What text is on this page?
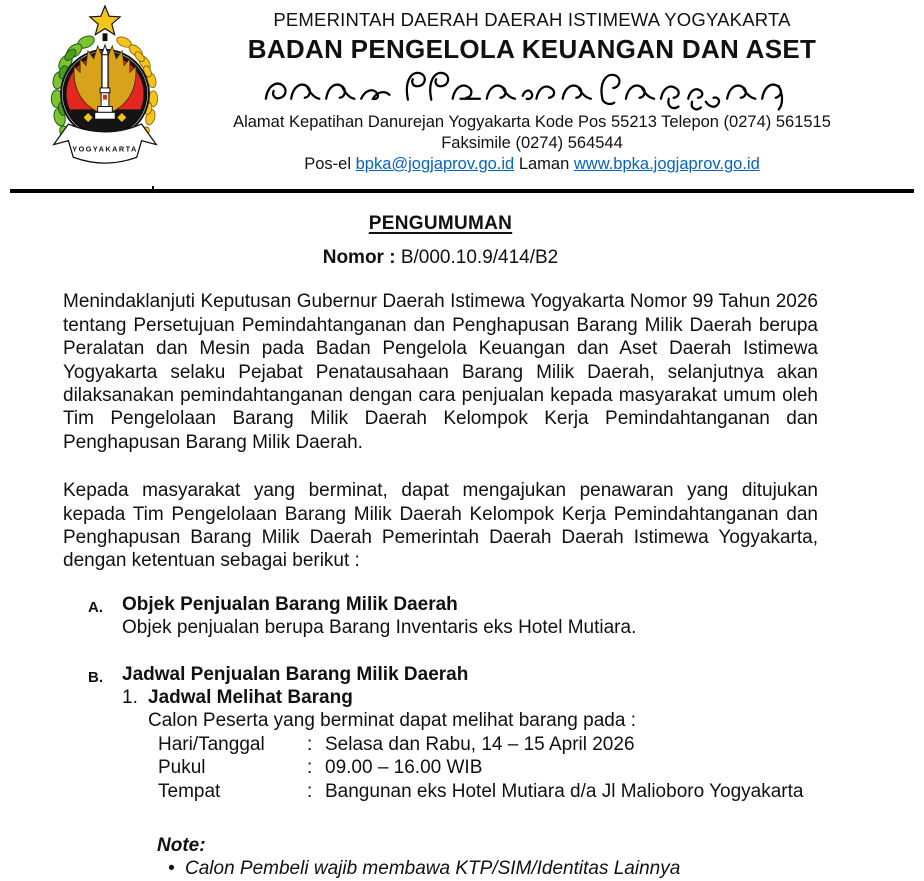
YOGYAKARTA
PEMERINTAH DAERAH DAERAH ISTIMEWA YOGYAKARTA
BADAN PENGELOLA KEUANGAN DAN ASET
Alamat Kepatihan Danurejan Yogyakarta Kode Pos 55213 Telepon (0274) 561515
Faksimile (0274) 564544
Pos-el bpka@jogjaprov.go.id Laman www.bpka.jogjaprov.go.id
PENGUMUMAN
Nomor : B/000.10.9/414/B2

Menindaklanjuti Keputusan Gubernur Daerah Istimewa Yogyakarta Nomor 99 Tahun 2026 tentang Persetujuan Pemindahtanganan dan Penghapusan Barang Milik Daerah berupa Peralatan dan Mesin pada Badan Pengelola Keuangan dan Aset Daerah Istimewa Yogyakarta selaku Pejabat Penatausahaan Barang Milik Daerah, selanjutnya akan dilaksanakan pemindahtanganan dengan cara penjualan kepada masyarakat umum oleh Tim Pengelolaan Barang Milik Daerah Kelompok Kerja Pemindahtanganan dan Penghapusan Barang Milik Daerah.

Kepada masyarakat yang berminat, dapat mengajukan penawaran yang ditujukan kepada Tim Pengelolaan Barang Milik Daerah Kelompok Kerja Pemindahtanganan dan Penghapusan Barang Milik Daerah Pemerintah Daerah Daerah Istimewa Yogyakarta, dengan ketentuan sebagai berikut :

A. Objek Penjualan Barang Milik Daerah
Objek penjualan berupa Barang Inventaris eks Hotel Mutiara.
B. Jadwal Penjualan Barang Milik Daerah
1. Jadwal Melihat Barang
Calon Peserta yang berminat dapat melihat barang pada :
Hari/Tanggal	: Selasa dan Rabu, 14 – 15 April 2026
Pukul	: 09.00 – 16.00 WIB
Tempat	: Bangunan eks Hotel Mutiara d/a Jl Malioboro Yogyakarta
Note:
• Calon Pembeli wajib membawa KTP/SIM/Identitas Lainnya
